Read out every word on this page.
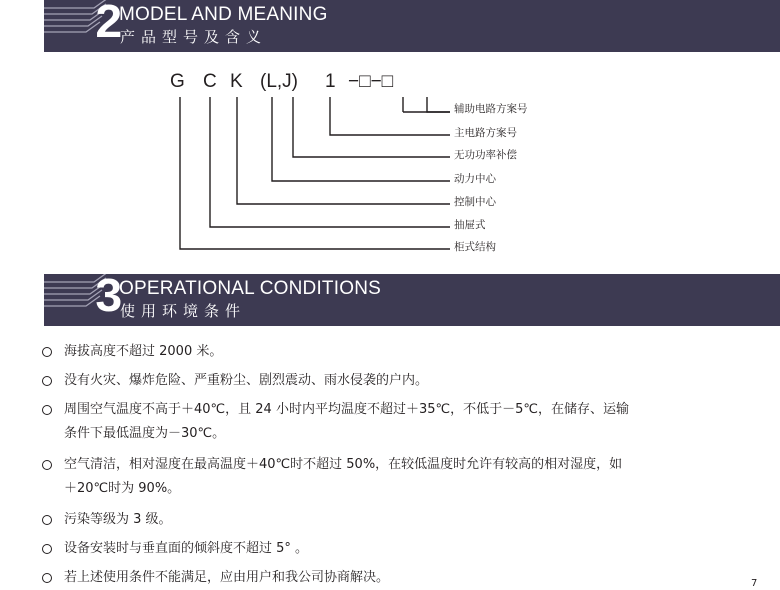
2
MODEL AND MEANING
产品型号及含义
G C K (L,J) 1 −□−□
辅助电路方案号
主电路方案号
无功功率补偿
动力中心
控制中心
抽屉式
柜式结构
3
OPERATIONAL CONDITIONS
使用环境条件
海拔高度不超过 2000 米。
没有火灾、爆炸危险、严重粉尘、剧烈震动、雨水侵袭的户内。
周围空气温度不高于＋40℃，且 24 小时内平均温度不超过＋35℃，不低于－5℃，在储存、运输
条件下最低温度为－30℃。
空气清洁，相对湿度在最高温度＋40℃时不超过 50%，在较低温度时允许有较高的相对湿度，如
＋20℃时为 90%。
污染等级为 3 级。
设备安装时与垂直面的倾斜度不超过 5° 。
若上述使用条件不能满足，应由用户和我公司协商解决。	7
